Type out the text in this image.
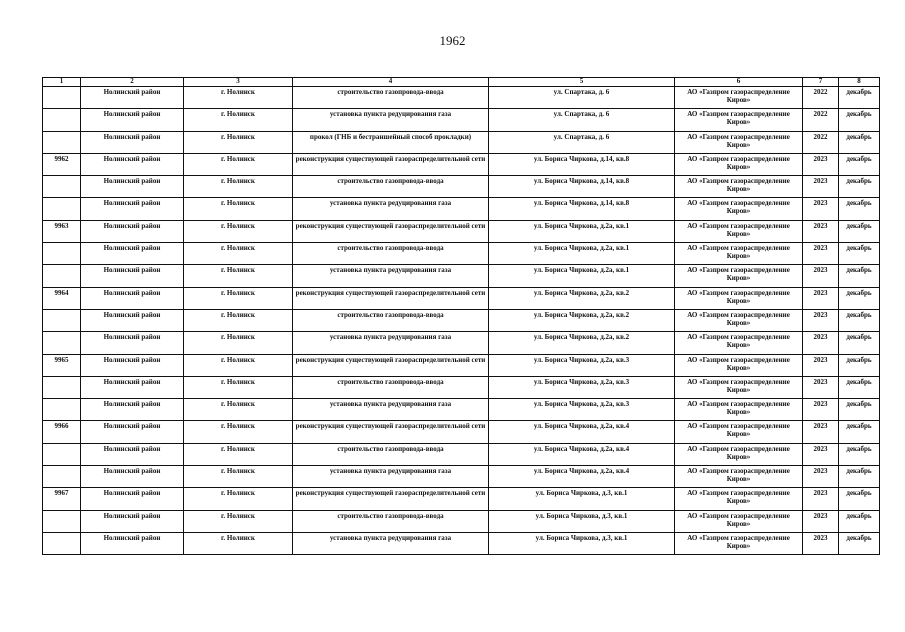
1962
1	2	3	4	5	6	7	8
	Нолинский район	г. Нолинск	строительство газопровода-ввода	ул. Спартака, д. 6	АО «Газпром газораспределение Киров»	2022	декабрь
	Нолинский район	г. Нолинск	установка пункта редуцирования газа	ул. Спартака, д. 6	АО «Газпром газораспределение Киров»	2022	декабрь
	Нолинский район	г. Нолинск	прокол (ГНБ и бестраншейный способ прокладки)	ул. Спартака, д. 6	АО «Газпром газораспределение Киров»	2022	декабрь
9962	Нолинский район	г. Нолинск	реконструкция существующей газораспределительной сети	ул. Бориса Чиркова, д.14, кв.8	АО «Газпром газораспределение Киров»	2023	декабрь
	Нолинский район	г. Нолинск	строительство газопровода-ввода	ул. Бориса Чиркова, д.14, кв.8	АО «Газпром газораспределение Киров»	2023	декабрь
	Нолинский район	г. Нолинск	установка пункта редуцирования газа	ул. Бориса Чиркова, д.14, кв.8	АО «Газпром газораспределение Киров»	2023	декабрь
9963	Нолинский район	г. Нолинск	реконструкция существующей газораспределительной сети	ул. Бориса Чиркова, д.2а, кв.1	АО «Газпром газораспределение Киров»	2023	декабрь
	Нолинский район	г. Нолинск	строительство газопровода-ввода	ул. Бориса Чиркова, д.2а, кв.1	АО «Газпром газораспределение Киров»	2023	декабрь
	Нолинский район	г. Нолинск	установка пункта редуцирования газа	ул. Бориса Чиркова, д.2а, кв.1	АО «Газпром газораспределение Киров»	2023	декабрь
9964	Нолинский район	г. Нолинск	реконструкция существующей газораспределительной сети	ул. Бориса Чиркова, д.2а, кв.2	АО «Газпром газораспределение Киров»	2023	декабрь
	Нолинский район	г. Нолинск	строительство газопровода-ввода	ул. Бориса Чиркова, д.2а, кв.2	АО «Газпром газораспределение Киров»	2023	декабрь
	Нолинский район	г. Нолинск	установка пункта редуцирования газа	ул. Бориса Чиркова, д.2а, кв.2	АО «Газпром газораспределение Киров»	2023	декабрь
9965	Нолинский район	г. Нолинск	реконструкция существующей газораспределительной сети	ул. Бориса Чиркова, д.2а, кв.3	АО «Газпром газораспределение Киров»	2023	декабрь
	Нолинский район	г. Нолинск	строительство газопровода-ввода	ул. Бориса Чиркова, д.2а, кв.3	АО «Газпром газораспределение Киров»	2023	декабрь
	Нолинский район	г. Нолинск	установка пункта редуцирования газа	ул. Бориса Чиркова, д.2а, кв.3	АО «Газпром газораспределение Киров»	2023	декабрь
9966	Нолинский район	г. Нолинск	реконструкция существующей газораспределительной сети	ул. Бориса Чиркова, д.2а, кв.4	АО «Газпром газораспределение Киров»	2023	декабрь
	Нолинский район	г. Нолинск	строительство газопровода-ввода	ул. Бориса Чиркова, д.2а, кв.4	АО «Газпром газораспределение Киров»	2023	декабрь
	Нолинский район	г. Нолинск	установка пункта редуцирования газа	ул. Бориса Чиркова, д.2а, кв.4	АО «Газпром газораспределение Киров»	2023	декабрь
9967	Нолинский район	г. Нолинск	реконструкция существующей газораспределительной сети	ул. Бориса Чиркова, д.3, кв.1	АО «Газпром газораспределение Киров»	2023	декабрь
	Нолинский район	г. Нолинск	строительство газопровода-ввода	ул. Бориса Чиркова, д.3, кв.1	АО «Газпром газораспределение Киров»	2023	декабрь
	Нолинский район	г. Нолинск	установка пункта редуцирования газа	ул. Бориса Чиркова, д.3, кв.1	АО «Газпром газораспределение Киров»	2023	декабрь
